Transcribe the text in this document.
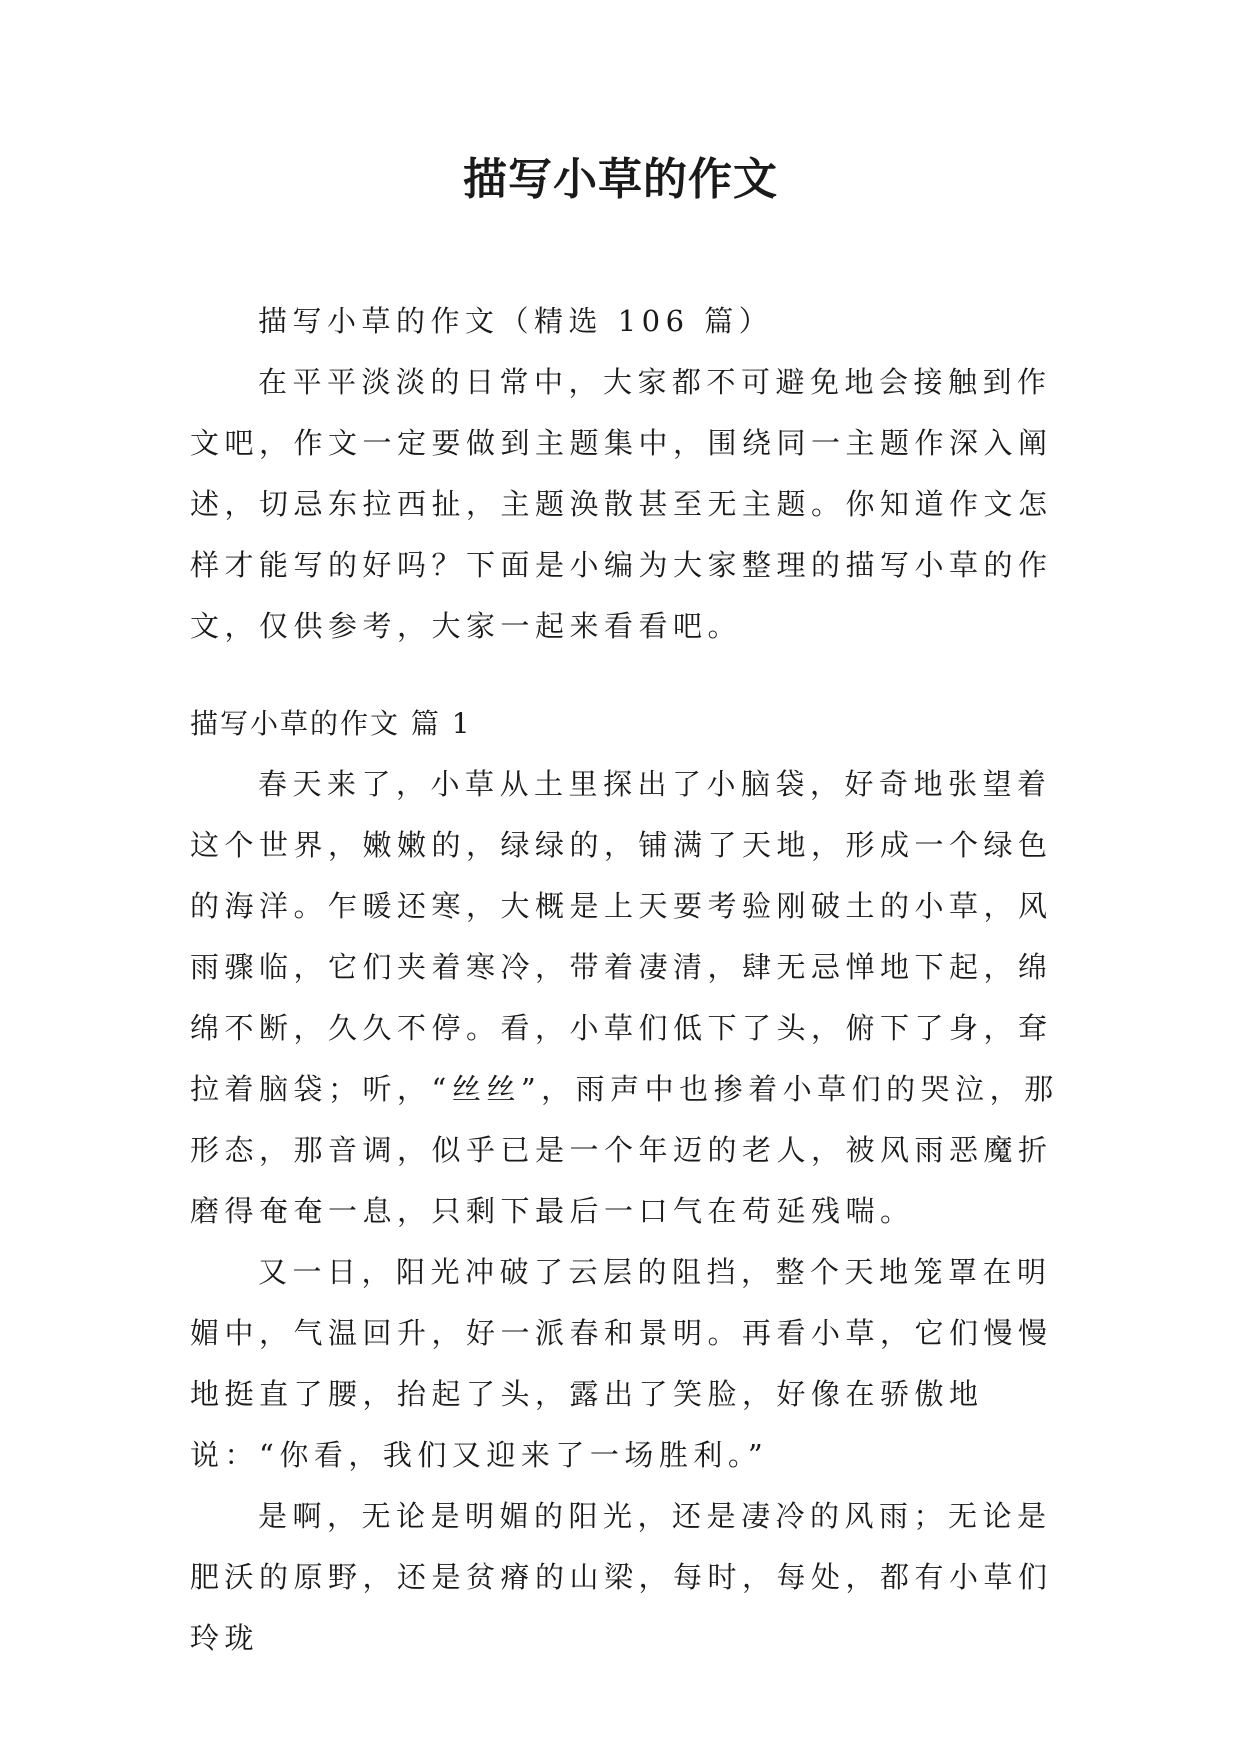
描写小草的作文

描写小草的作文（精选 106 篇）

在平平淡淡的日常中，大家都不可避免地会接触到作文吧，作文一定要做到主题集中，围绕同一主题作深入阐述，切忌东拉西扯，主题涣散甚至无主题。你知道作文怎样才能写的好吗？下面是小编为大家整理的描写小草的作文，仅供参考，大家一起来看看吧。

描写小草的作文 篇 1

春天来了，小草从土里探出了小脑袋，好奇地张望着这个世界，嫩嫩的，绿绿的，铺满了天地，形成一个绿色的海洋。乍暖还寒，大概是上天要考验刚破土的小草，风雨骤临，它们夹着寒冷，带着凄清，肆无忌惮地下起，绵绵不断，久久不停。看，小草们低下了头，俯下了身，耷拉着脑袋；听，“丝丝”，雨声中也掺着小草们的哭泣，那形态，那音调，似乎已是一个年迈的老人，被风雨恶魔折磨得奄奄一息，只剩下最后一口气在苟延残喘。

又一日，阳光冲破了云层的阻挡，整个天地笼罩在明媚中，气温回升，好一派春和景明。再看小草，它们慢慢地挺直了腰，抬起了头，露出了笑脸，好像在骄傲地说：“你看，我们又迎来了一场胜利。”

是啊，无论是明媚的阳光，还是凄冷的风雨；无论是肥沃的原野，还是贫瘠的山梁，每时，每处，都有小草们玲珑
